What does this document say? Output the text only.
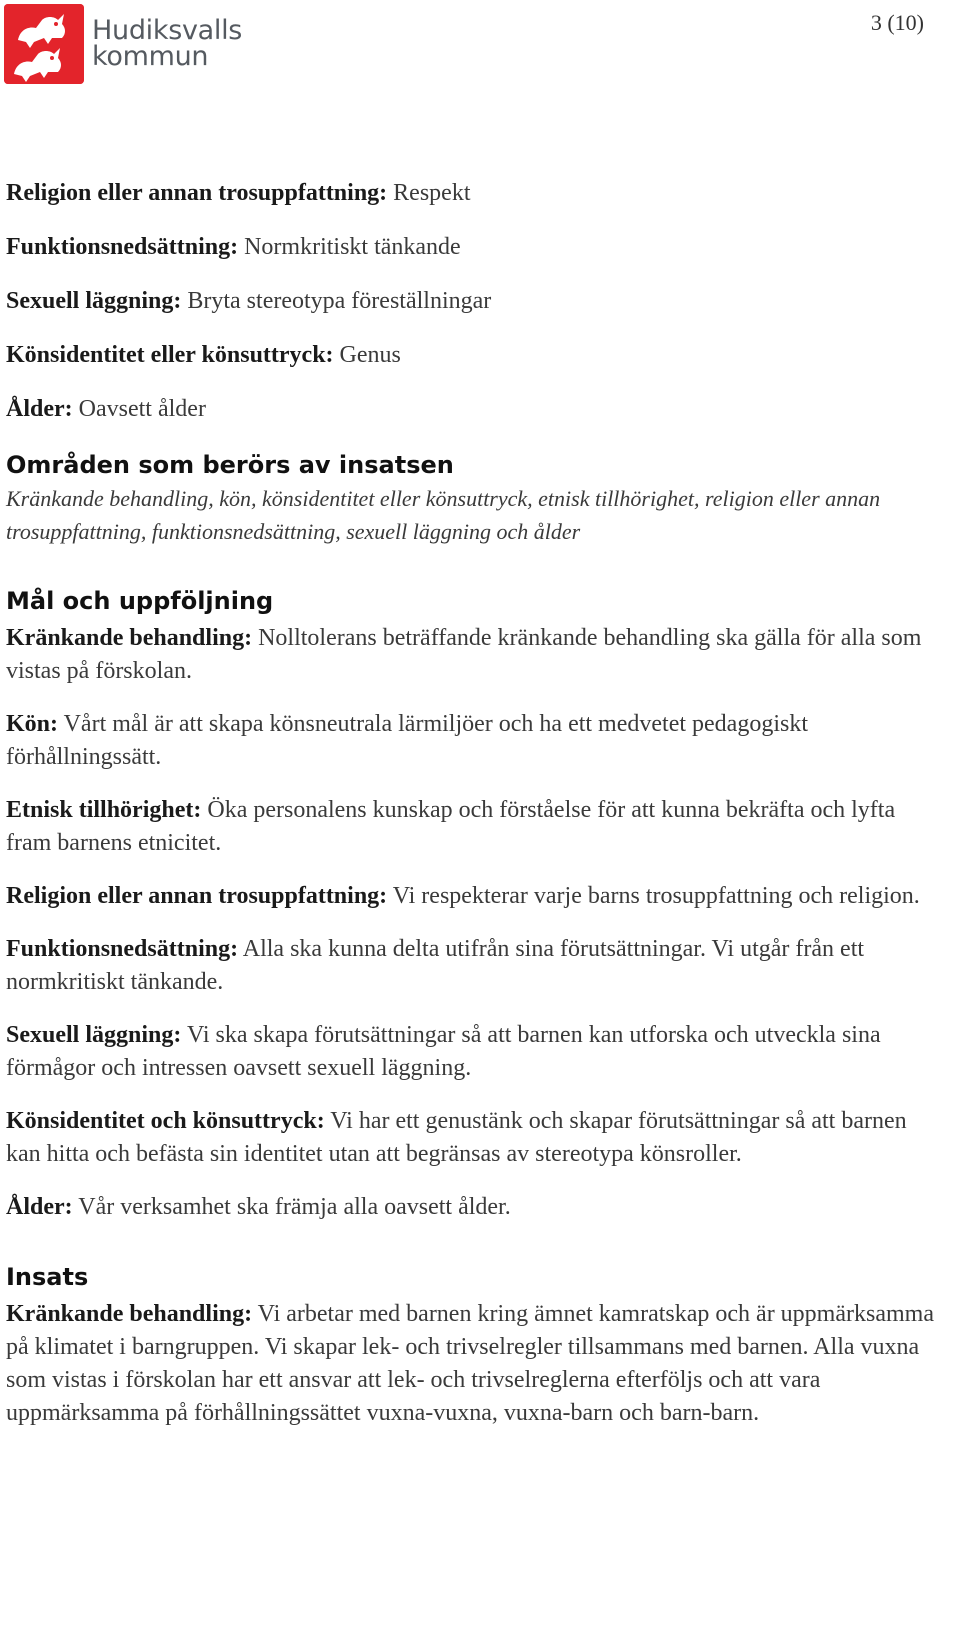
Hudiksvalls
kommun
3 (10)

Religion eller annan trosuppfattning: Respekt

Funktionsnedsättning: Normkritiskt tänkande

Sexuell läggning: Bryta stereotypa föreställningar

Könsidentitet eller könsuttryck: Genus

Ålder: Oavsett ålder

Områden som berörs av insatsen

Kränkande behandling, kön, könsidentitet eller könsuttryck, etnisk tillhörighet, religion eller annan trosuppfattning, funktionsnedsättning, sexuell läggning och ålder

Mål och uppföljning

Kränkande behandling: Nolltolerans beträffande kränkande behandling ska gälla för alla som vistas på förskolan.

Kön: Vårt mål är att skapa könsneutrala lärmiljöer och ha ett medvetet pedagogiskt förhållningssätt.

Etnisk tillhörighet: Öka personalens kunskap och förståelse för att kunna bekräfta och lyfta fram barnens etnicitet.

Religion eller annan trosuppfattning: Vi respekterar varje barns trosuppfattning och religion.

Funktionsnedsättning: Alla ska kunna delta utifrån sina förutsättningar. Vi utgår från ett normkritiskt tänkande.

Sexuell läggning: Vi ska skapa förutsättningar så att barnen kan utforska och utveckla sina förmågor och intressen oavsett sexuell läggning.

Könsidentitet och könsuttryck: Vi har ett genustänk och skapar förutsättningar så att barnen kan hitta och befästa sin identitet utan att begränsas av stereotypa könsroller.

Ålder: Vår verksamhet ska främja alla oavsett ålder.

Insats

Kränkande behandling: Vi arbetar med barnen kring ämnet kamratskap och är uppmärksamma på klimatet i barngruppen. Vi skapar lek- och trivselregler tillsammans med barnen. Alla vuxna som vistas i förskolan har ett ansvar att lek- och trivselreglerna efterföljs och att vara uppmärksamma på förhållningssättet vuxna-vuxna, vuxna-barn och barn-barn.
